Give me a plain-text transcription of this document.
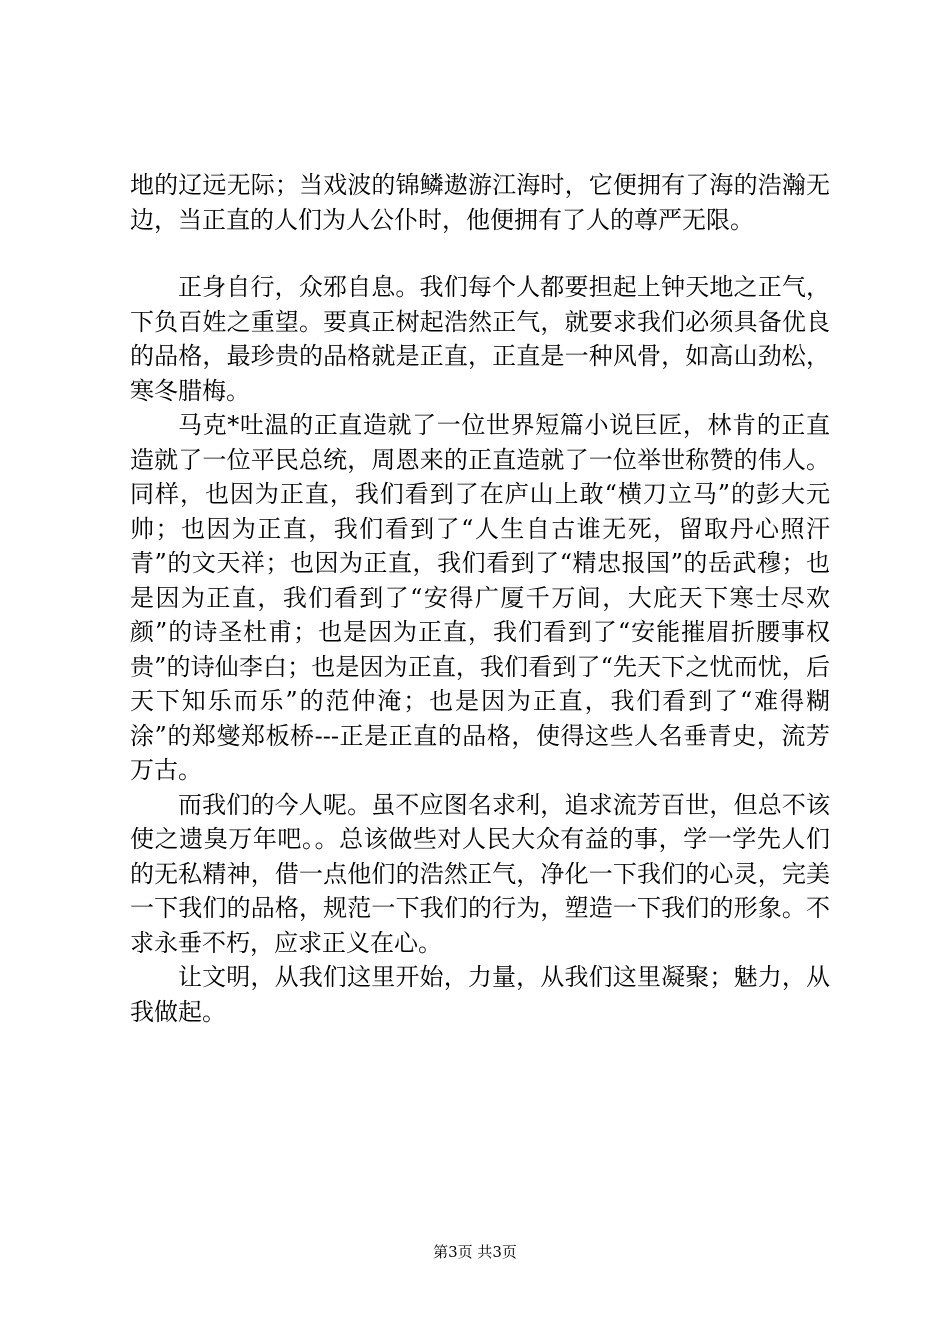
地的辽远无际；当戏波的锦鳞遨游江海时，它便拥有了海的浩瀚无边，当正直的人们为人公仆时，他便拥有了人的尊严无限。

正身自行，众邪自息。我们每个人都要担起上钟天地之正气，下负百姓之重望。要真正树起浩然正气，就要求我们必须具备优良的品格，最珍贵的品格就是正直，正直是一种风骨，如高山劲松，寒冬腊梅。

马克*吐温的正直造就了一位世界短篇小说巨匠，林肯的正直造就了一位平民总统，周恩来的正直造就了一位举世称赞的伟人。同样，也因为正直，我们看到了在庐山上敢“横刀立马”的彭大元帅；也因为正直，我们看到了“人生自古谁无死，留取丹心照汗青”的文天祥；也因为正直，我们看到了“精忠报国”的岳武穆；也是因为正直，我们看到了“安得广厦千万间，大庇天下寒士尽欢颜”的诗圣杜甫；也是因为正直，我们看到了“安能摧眉折腰事权贵”的诗仙李白；也是因为正直，我们看到了“先天下之忧而忧，后天下知乐而乐”的范仲淹；也是因为正直，我们看到了“难得糊涂”的郑燮郑板桥---正是正直的品格，使得这些人名垂青史，流芳万古。

而我们的今人呢。虽不应图名求利，追求流芳百世，但总不该使之遗臭万年吧。。总该做些对人民大众有益的事，学一学先人们的无私精神，借一点他们的浩然正气，净化一下我们的心灵，完美一下我们的品格，规范一下我们的行为，塑造一下我们的形象。不求永垂不朽，应求正义在心。

让文明，从我们这里开始，力量，从我们这里凝聚；魅力，从我做起。

第3页 共3页
